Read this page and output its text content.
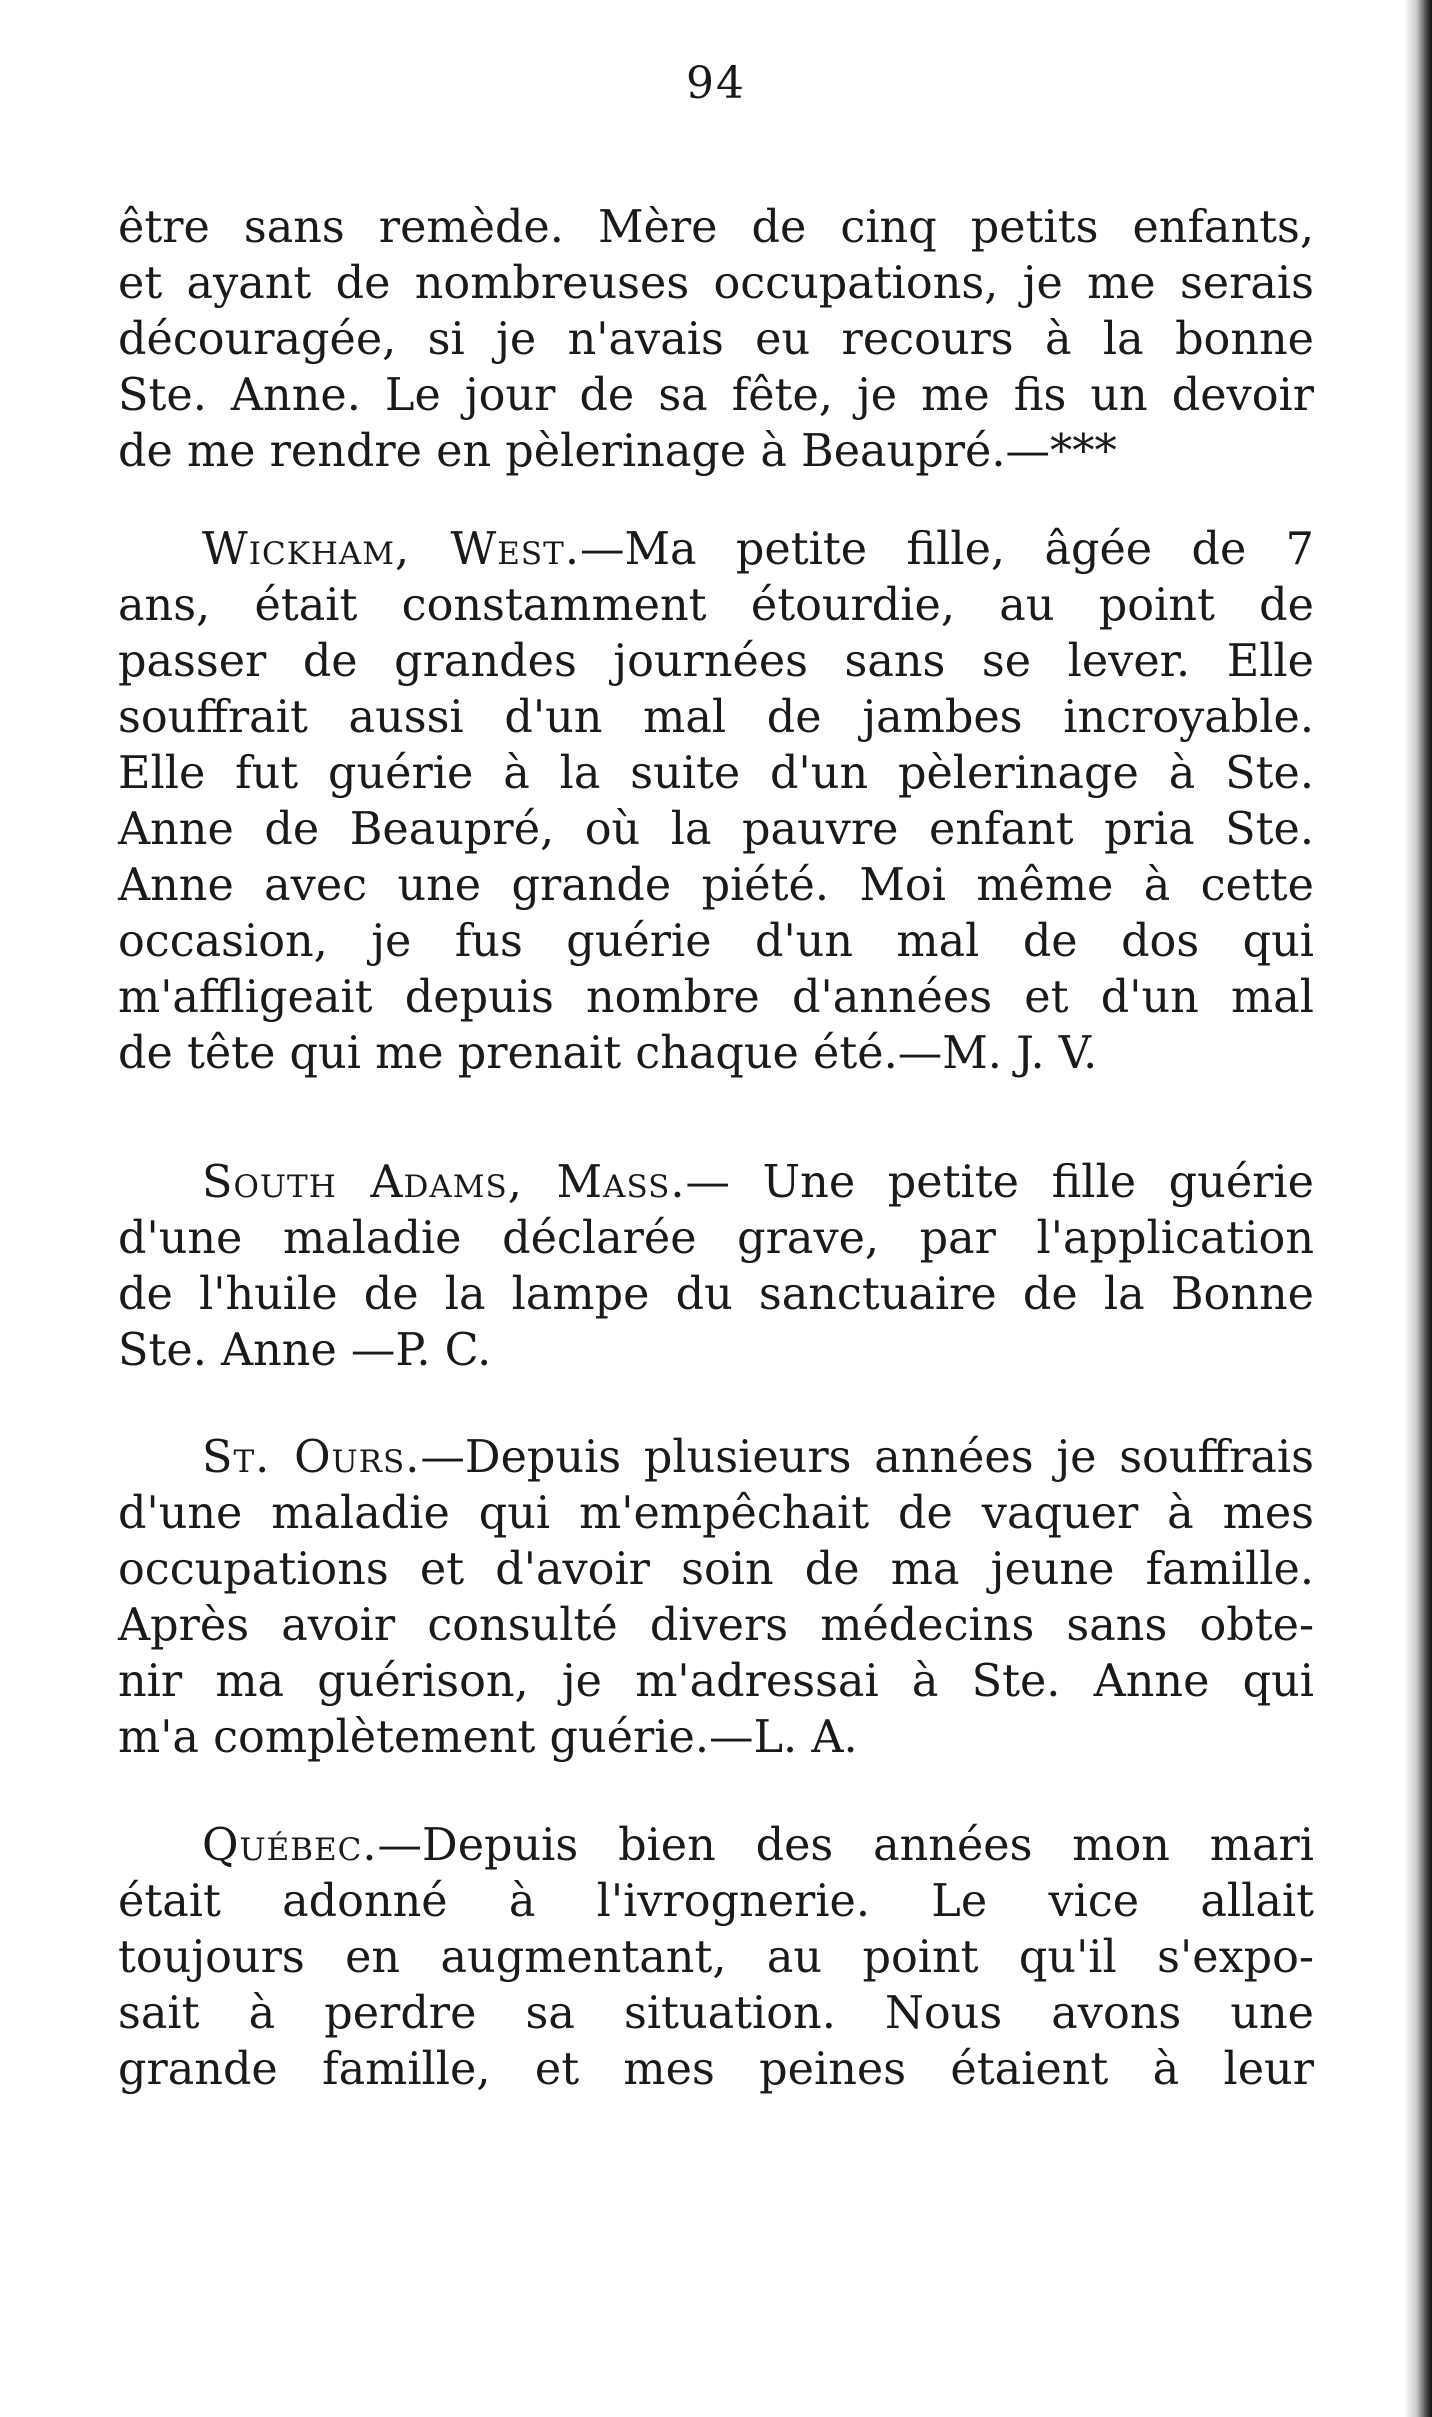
94
être sans remède. Mère de cinq petits enfants,
et ayant de nombreuses occupations, je me serais
découragée, si je n'avais eu recours à la bonne
Ste. Anne. Le jour de sa fête, je me fis un devoir
de me rendre en pèlerinage à Beaupré.—***
Wickham, West.—Ma petite fille, âgée de 7
ans, était constamment étourdie, au point de
passer de grandes journées sans se lever. Elle
souffrait aussi d'un mal de jambes incroyable.
Elle fut guérie à la suite d'un pèlerinage à Ste.
Anne de Beaupré, où la pauvre enfant pria Ste.
Anne avec une grande piété. Moi même à cette
occasion, je fus guérie d'un mal de dos qui
m'affligeait depuis nombre d'années et d'un mal
de tête qui me prenait chaque été.—M. J. V.
South Adams, Mass.— Une petite fille guérie
d'une maladie déclarée grave, par l'application
de l'huile de la lampe du sanctuaire de la Bonne
Ste. Anne —P. C.
St. Ours.—Depuis plusieurs années je souffrais
d'une maladie qui m'empêchait de vaquer à mes
occupations et d'avoir soin de ma jeune famille.
Après avoir consulté divers médecins sans obte-
nir ma guérison, je m'adressai à Ste. Anne qui
m'a complètement guérie.—L. A.
Québec.—Depuis bien des années mon mari
était adonné à l'ivrognerie. Le vice allait
toujours en augmentant, au point qu'il s'expo-
sait à perdre sa situation. Nous avons une
grande famille, et mes peines étaient à leur
